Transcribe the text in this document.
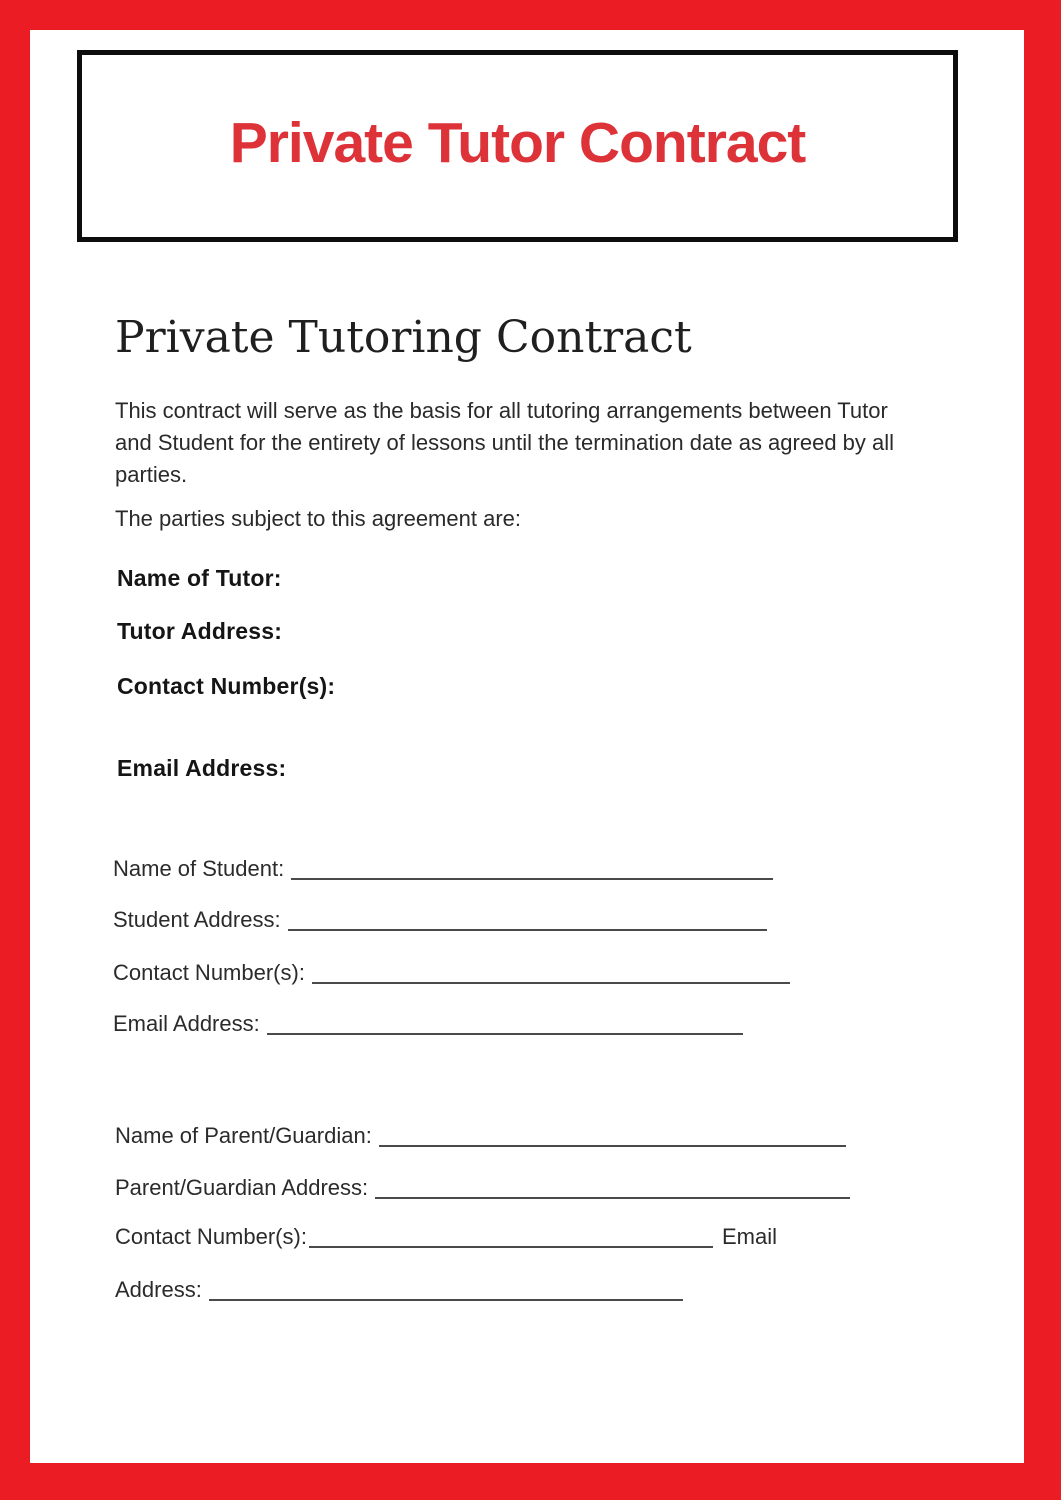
Private Tutor Contract
Private Tutoring Contract

This contract will serve as the basis for all tutoring arrangements between Tutor and Student for the entirety of lessons until the termination date as agreed by all parties.

The parties subject to this agreement are:

Name of Tutor:
Tutor Address:
Contact Number(s):
Email Address:
Name of Student:
Student Address:
Contact Number(s):
Email Address:
Name of Parent/Guardian:
Parent/Guardian Address:
Contact Number(s):	Email
Address:
